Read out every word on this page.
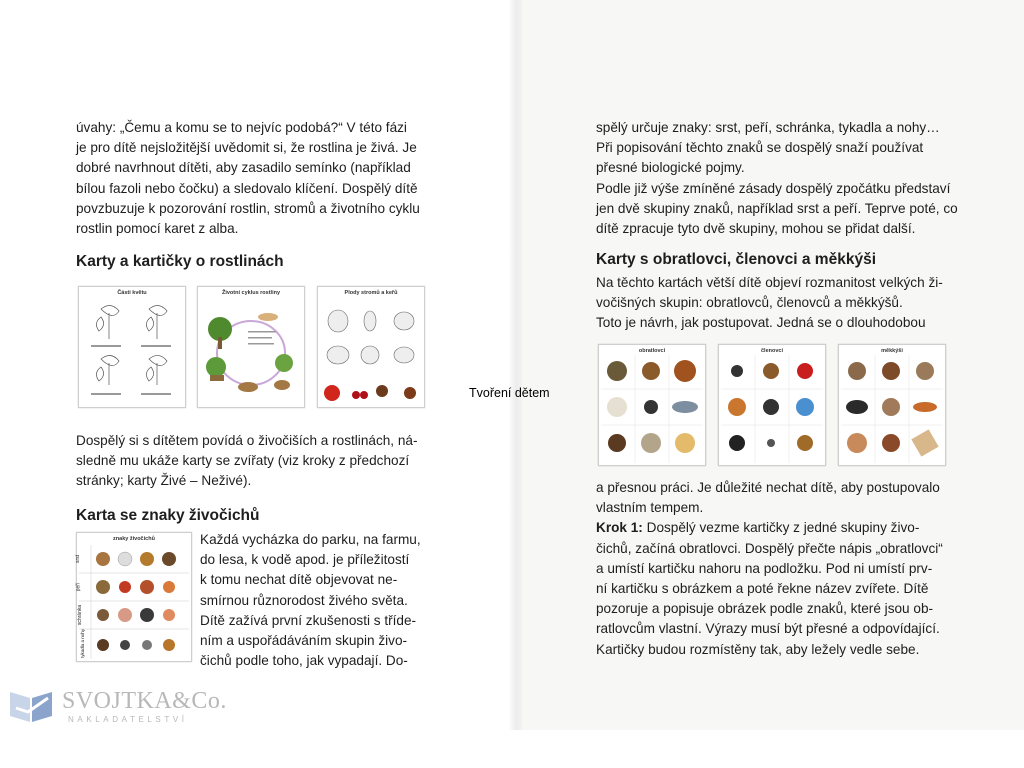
úvahy: „Čemu a komu se to nejvíc podobá?“ V této fázi
je pro dítě nejsložitější uvědomit si, že rostlina je živá. Je
dobré navrhnout dítěti, aby zasadilo semínko (například
bílou fazoli nebo čočku) a sledovalo klíčení. Dospělý dítě
povzbuzuje k pozorování rostlin, stromů a životního cyklu
rostlin pomocí karet z alba.
Karty a kartičky o rostlinách
Části květu	Životní cyklus rostliny	Plody stromů a keřů
Dospělý si s dítětem povídá o živočiších a rostlinách, ná-
sledně mu ukáže karty se zvířaty (viz kroky z předchozí
stránky; karty Živé – Neživé).
Karta se znaky živočichů
znaky živočichů
srst
peří
schránka
tykadla a nohy
Každá vycházka do parku, na farmu,
do lesa, k vodě apod. je příležitostí
k tomu nechat dítě objevovat ne-
smírnou různorodost živého světa.
Dítě zažívá první zkušenosti s tříde-
ním a uspořádáváním skupin živo-
čichů podle toho, jak vypadají. Do-
spělý určuje znaky: srst, peří, schránka, tykadla a nohy…
Při popisování těchto znaků se dospělý snaží používat
přesné biologické pojmy.
Podle již výše zmíněné zásady dospělý zpočátku představí
jen dvě skupiny znaků, například srst a peří. Teprve poté, co
dítě zpracuje tyto dvě skupiny, mohou se přidat další.
Karty s obratlovci, členovci a měkkýši
Na těchto kartách větší dítě objeví rozmanitost velkých ži-
vočišných skupin: obratlovců, členovců a měkkýšů.
Toto je návrh, jak postupovat. Jedná se o dlouhodobou
obratlovci	členovci	měkkýši
a přesnou práci. Je důležité nechat dítě, aby postupovalo
vlastním tempem.
Krok 1: Dospělý vezme kartičky z jedné skupiny živo-
čichů, začíná obratlovci. Dospělý přečte nápis „obratlovci“
a umístí kartičku nahoru na podložku. Pod ni umístí prv-
ní kartičku s obrázkem a poté řekne název zvířete. Dítě
pozoruje a popisuje obrázek podle znaků, které jsou ob-
ratlovcům vlastní. Výrazy musí být přesné a odpovídající.
Kartičky budou rozmístěny tak, aby ležely vedle sebe.
Tvoření dětem
SVOJTKA&Co.
NAKLADATELSTVÍ
